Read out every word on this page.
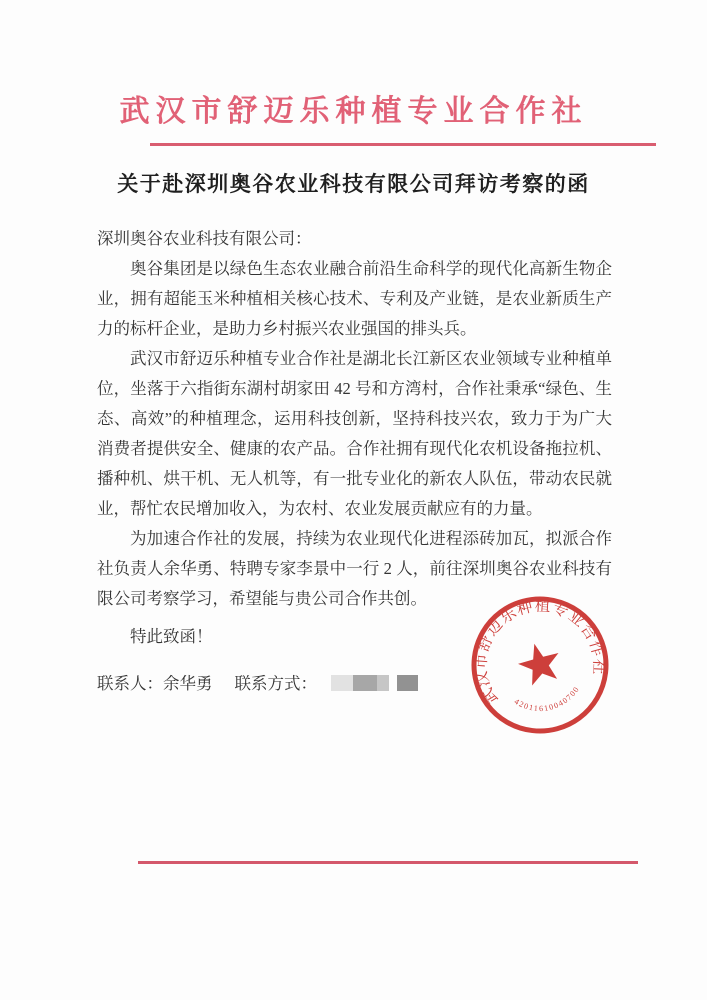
武汉市舒迈乐种植专业合作社
关于赴深圳奥谷农业科技有限公司拜访考察的函

深圳奥谷农业科技有限公司：

奥谷集团是以绿色生态农业融合前沿生命科学的现代化高新生物企业，拥有超能玉米种植相关核心技术、专利及产业链，是农业新质生产力的标杆企业，是助力乡村振兴农业强国的排头兵。

武汉市舒迈乐种植专业合作社是湖北长江新区农业领域专业种植单位，坐落于六指街东湖村胡家田 42 号和方湾村，合作社秉承“绿色、生态、高效”的种植理念，运用科技创新，坚持科技兴农，致力于为广大消费者提供安全、健康的农产品。合作社拥有现代化农机设备拖拉机、播种机、烘干机、无人机等，有一批专业化的新农人队伍，带动农民就业，帮忙农民增加收入，为农村、农业发展贡献应有的力量。

为加速合作社的发展，持续为农业现代化进程添砖加瓦，拟派合作社负责人余华勇、特聘专家李景中一行 2 人，前往深圳奥谷农业科技有限公司考察学习，希望能与贵公司合作共创。

特此致函！

联系人：余华勇 联系方式：

武汉市舒迈乐种植专业合作社
42011610040700
